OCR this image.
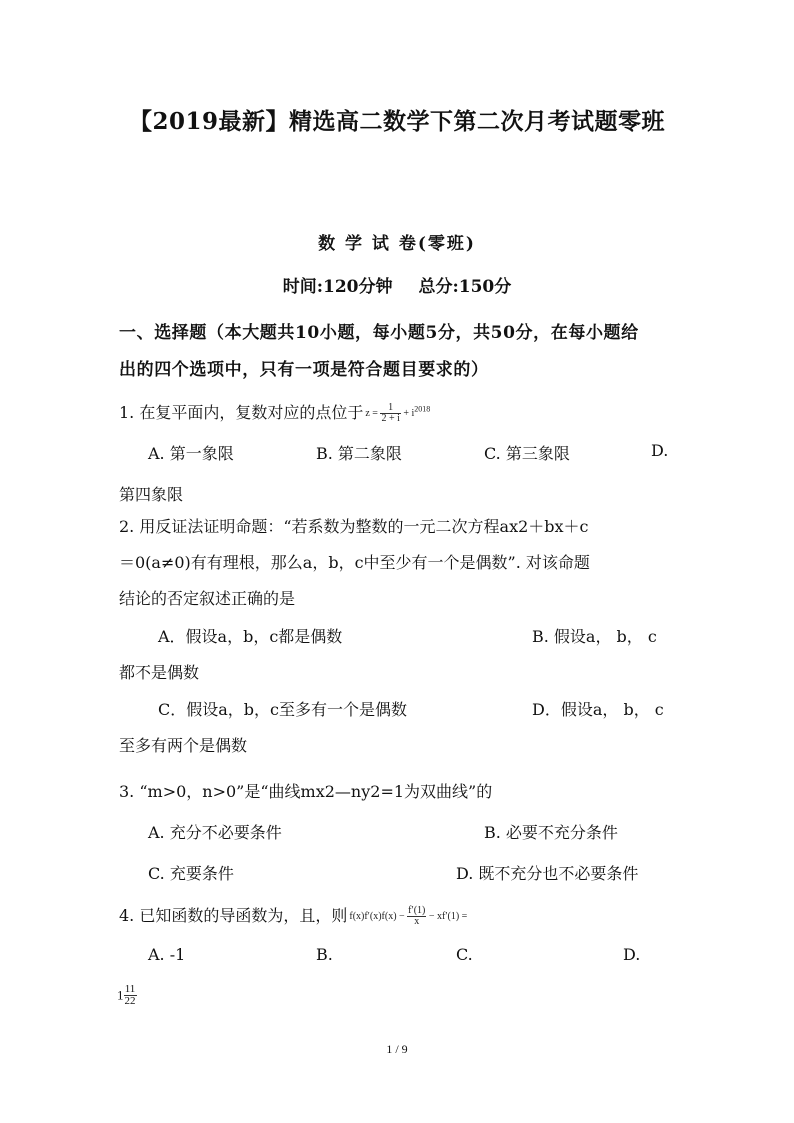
【2019最新】精选高二数学下第二次月考试题零班
数 学 试 卷(零班)
时间:120分钟 总分:150分
一、选择题（本大题共10小题，每小题5分，共50分，在每小题给
出的四个选项中，只有一项是符合题目要求的）
1. 在复平面内，复数对应的点位于 $z = \frac{1}{2 + i} + i^{2018}$
A. 第一象限	B. 第二象限	C. 第三象限	D.
第四象限
2. 用反证法证明命题：“若系数为整数的一元二次方程ax2＋bx＋c
＝0(a≠0)有有理根，那么a，b，c中至少有一个是偶数”. 对该命题
结论的否定叙述正确的是
A．假设a，b，c都是偶数	B. 假设a， b， c
都不是偶数
C．假设a，b，c至多有一个是偶数	D．假设a， b， c
至多有两个是偶数
3. “m>0，n>0”是“曲线mx2—ny2=1为双曲线”的
A. 充分不必要条件	B. 必要不充分条件
C. 充要条件	D. 既不充分也不必要条件
4. 已知函数的导函数为，且，则 $f(x)f'(x)f(x) - \frac{f'(1)}{x} - xf'(1)$ =
A. -1	B.	C.	D.
$1 \frac{11}{22}$
1 / 9
